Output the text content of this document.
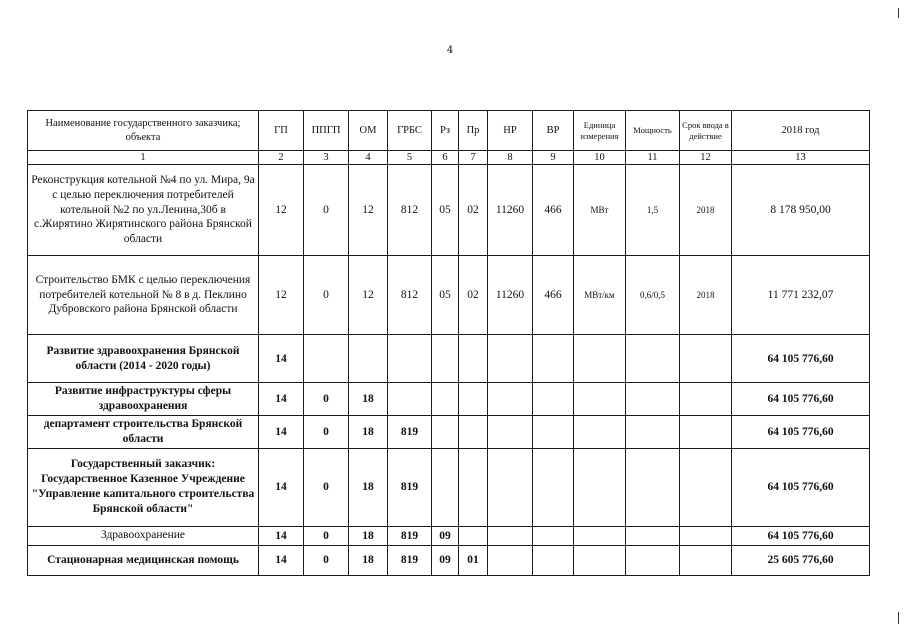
4
Наименование государственного заказчика; объекта	ГП	ППГП	ОМ	ГРБС	Рз	Пр	НР	ВР	Единица измерения	Мощность	Срок ввода в действие	2018 год
1	2	3	4	5	6	7	8	9	10	11	12	13
Реконструкция котельной №4 по ул. Мира, 9а с целью переключения потребителей котельной №2 по ул.Ленина,30б в с.Жирятино Жирятинского района Брянской области	12	0	12	812	05	02	11260	466	МВт	1,5	2018	8 178 950,00
Строительство БМК с целью переключения потребителей котельной № 8 в д. Пеклино Дубровского района Брянской области	12	0	12	812	05	02	11260	466	МВт/км	0,6/0,5	2018	11 771 232,07
Развитие здравоохранения Брянской области (2014 - 2020 годы)	14											64 105 776,60
Развитие инфраструктуры сферы здравоохранения	14	0	18									64 105 776,60
департамент строительства Брянской области	14	0	18	819								64 105 776,60
Государственный заказчик: Государственное Казенное Учреждение "Управление капитального строительства Брянской области"	14	0	18	819								64 105 776,60
Здравоохранение	14	0	18	819	09							64 105 776,60
Стационарная медицинская помощь	14	0	18	819	09	01						25 605 776,60
